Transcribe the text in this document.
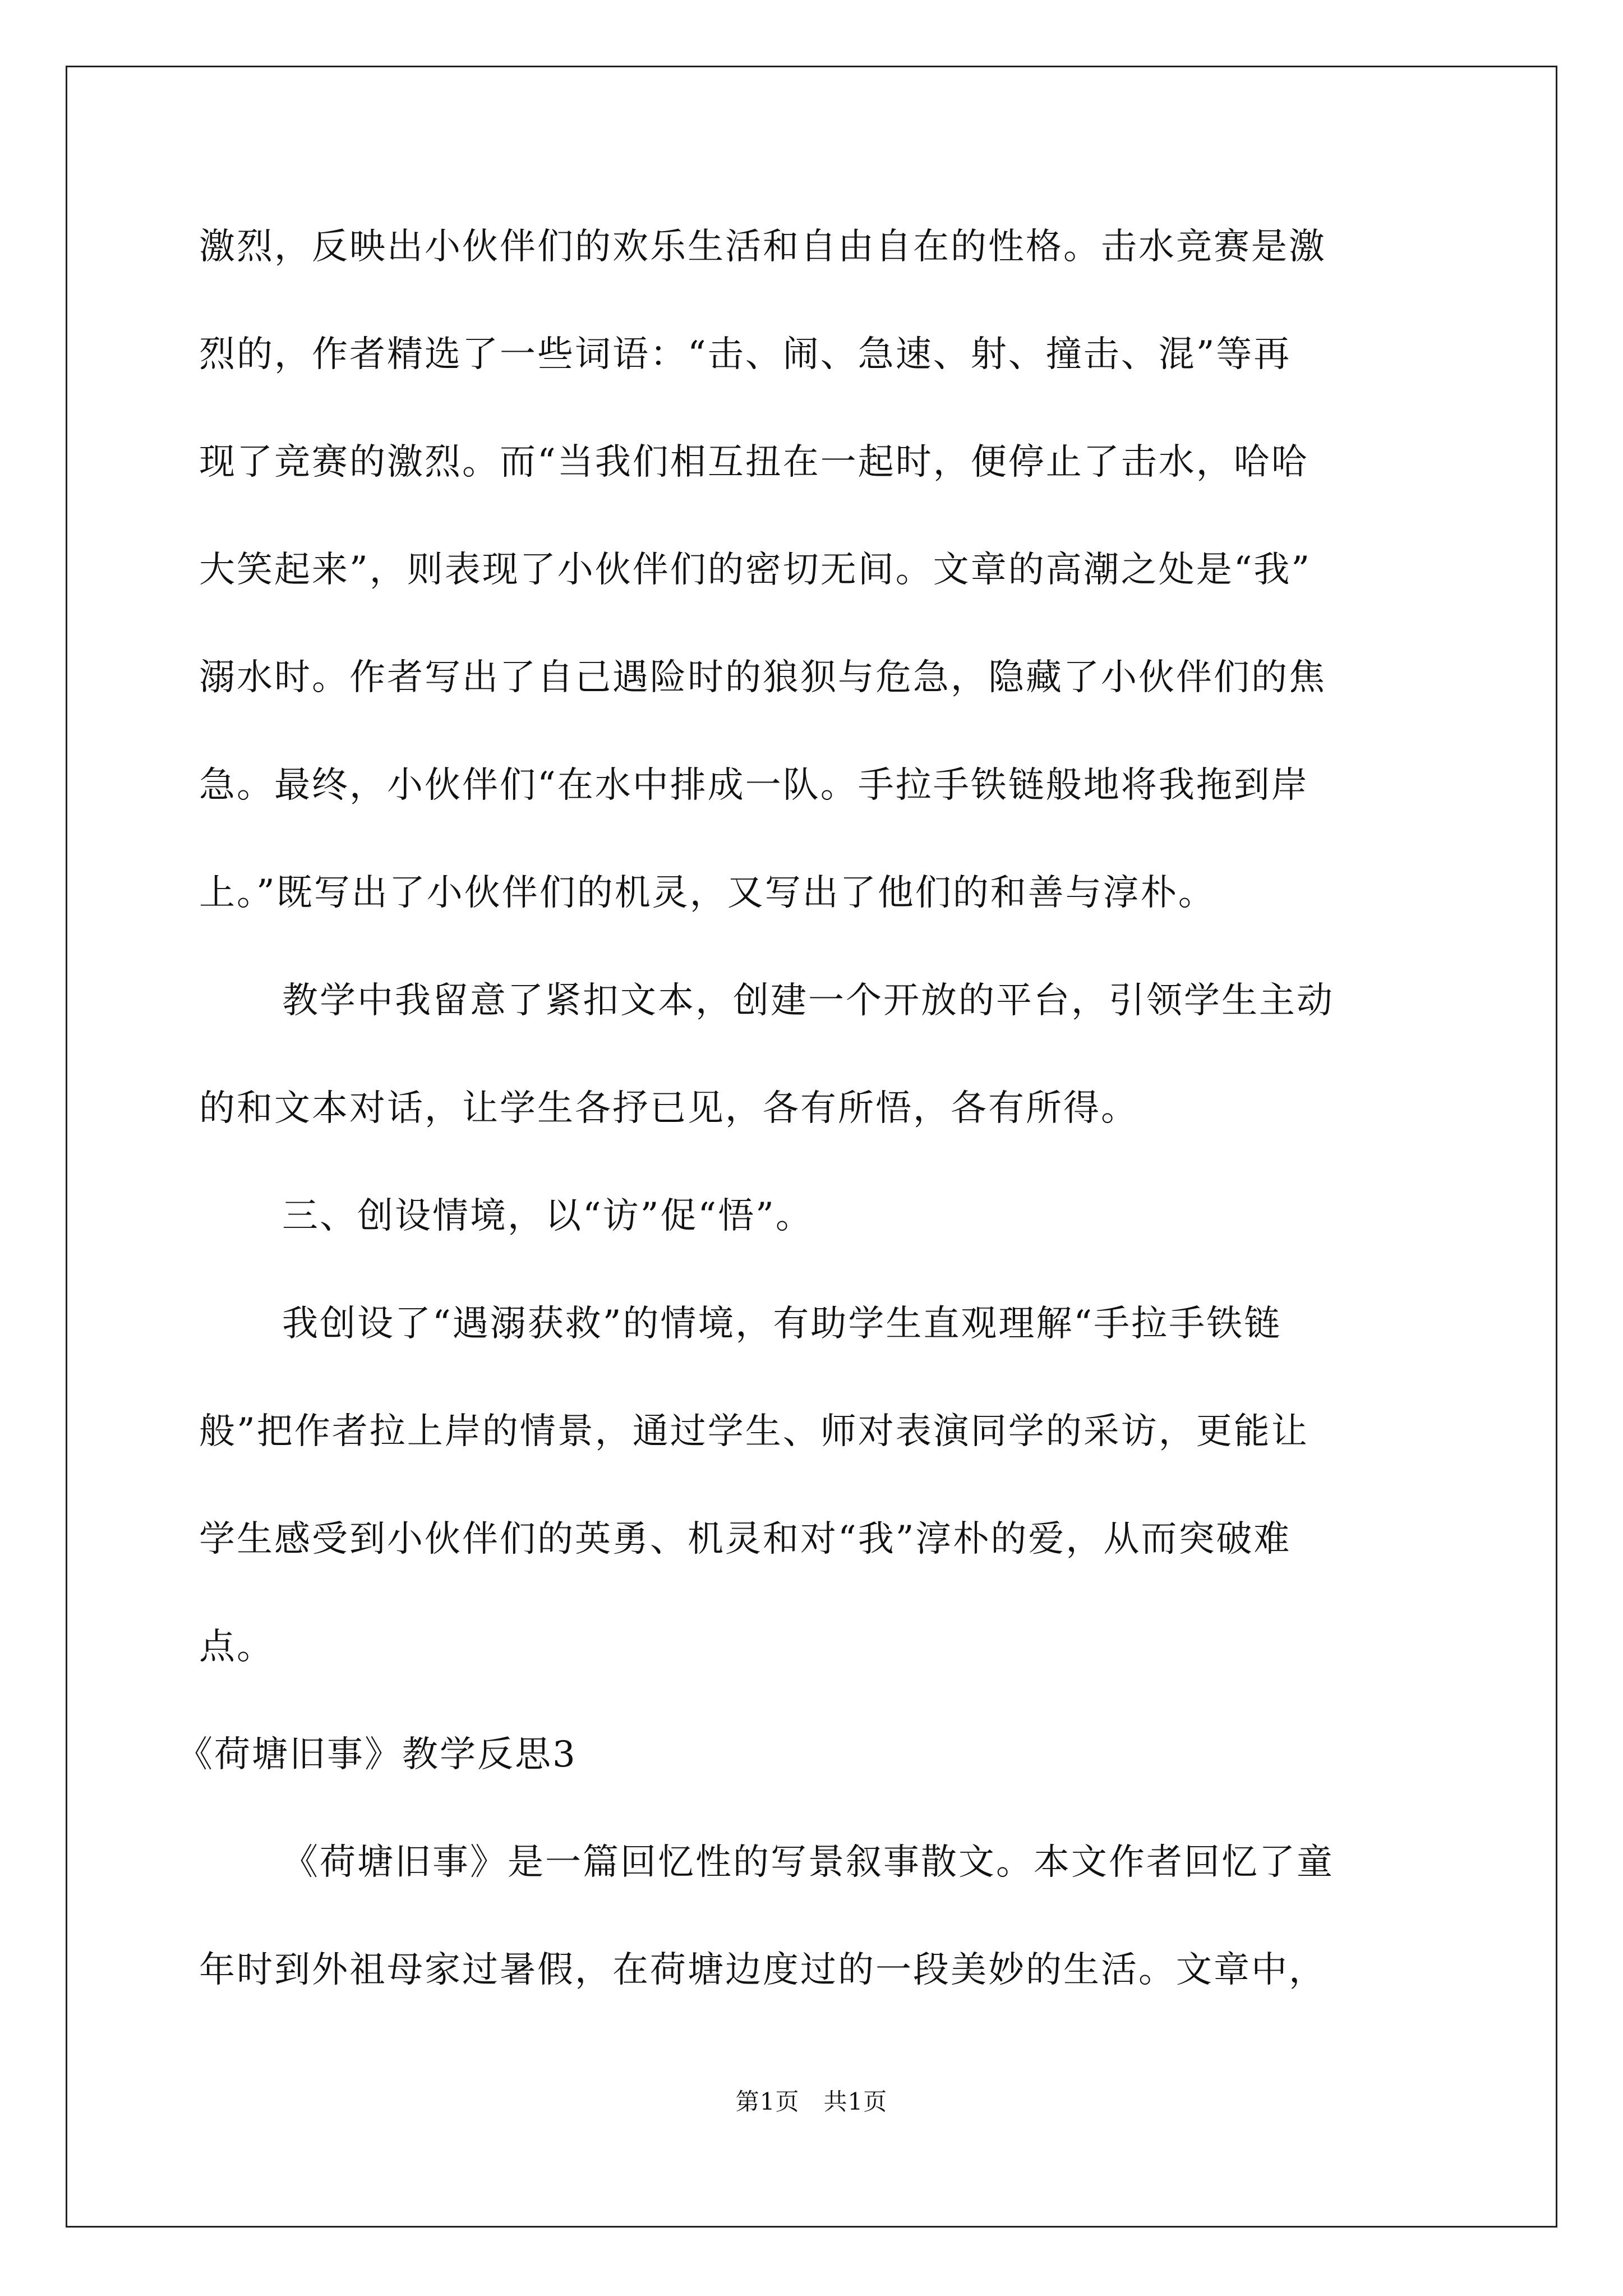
激烈，反映出小伙伴们的欢乐生活和自由自在的性格。击水竞赛是激
烈的，作者精选了一些词语：“击、闹、急速、射、撞击、混”等再
现了竞赛的激烈。而“当我们相互扭在一起时，便停止了击水，哈哈
大笑起来”，则表现了小伙伴们的密切无间。文章的高潮之处是“我”
溺水时。作者写出了自己遇险时的狼狈与危急，隐藏了小伙伴们的焦
急。最终，小伙伴们“在水中排成一队。手拉手铁链般地将我拖到岸
上。”既写出了小伙伴们的机灵，又写出了他们的和善与淳朴。
教学中我留意了紧扣文本，创建一个开放的平台，引领学生主动
的和文本对话，让学生各抒已见，各有所悟，各有所得。
三、创设情境，以“访”促“悟”。
我创设了“遇溺获救”的情境，有助学生直观理解“手拉手铁链
般”把作者拉上岸的情景，通过学生、师对表演同学的采访，更能让
学生感受到小伙伴们的英勇、机灵和对“我”淳朴的爱，从而突破难
点。
《荷塘旧事》教学反思3
《荷塘旧事》是一篇回忆性的写景叙事散文。本文作者回忆了童
年时到外祖母家过暑假，在荷塘边度过的一段美妙的生活。文章中，
第1页　共1页
